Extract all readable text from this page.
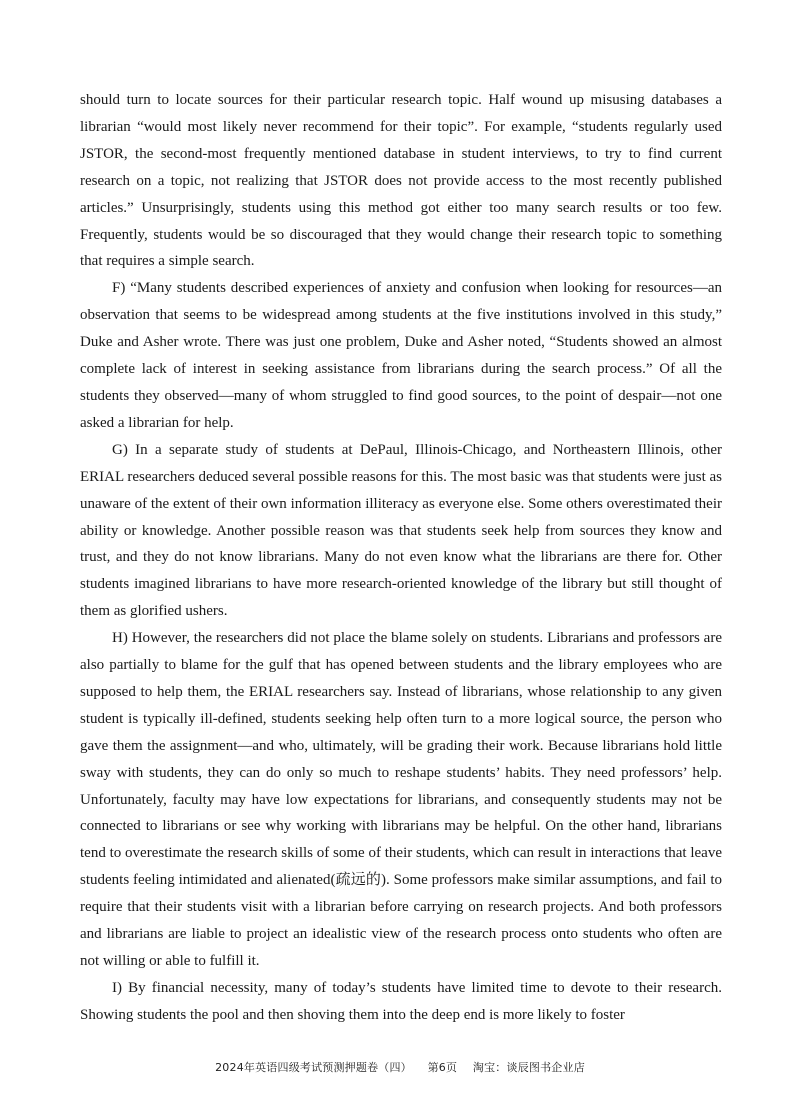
should turn to locate sources for their particular research topic. Half wound up misusing databases a librarian “would most likely never recommend for their topic”. For example, “students regularly used JSTOR, the second-most frequently mentioned database in student interviews, to try to find current research on a topic, not realizing that JSTOR does not provide access to the most recently published articles.” Unsurprisingly, students using this method got either too many search results or too few. Frequently, students would be so discouraged that they would change their research topic to something that requires a simple search.

F) “Many students described experiences of anxiety and confusion when looking for resources—an observation that seems to be widespread among students at the five institutions involved in this study,” Duke and Asher wrote. There was just one problem, Duke and Asher noted, “Students showed an almost complete lack of interest in seeking assistance from librarians during the search process.” Of all the students they observed—many of whom struggled to find good sources, to the point of despair—not one asked a librarian for help.

G) In a separate study of students at DePaul, Illinois-Chicago, and Northeastern Illinois, other ERIAL researchers deduced several possible reasons for this. The most basic was that students were just as unaware of the extent of their own information illiteracy as everyone else. Some others overestimated their ability or knowledge. Another possible reason was that students seek help from sources they know and trust, and they do not know librarians. Many do not even know what the librarians are there for. Other students imagined librarians to have more research-oriented knowledge of the library but still thought of them as glorified ushers.

H) However, the researchers did not place the blame solely on students. Librarians and professors are also partially to blame for the gulf that has opened between students and the library employees who are supposed to help them, the ERIAL researchers say. Instead of librarians, whose relationship to any given student is typically ill-defined, students seeking help often turn to a more logical source, the person who gave them the assignment—and who, ultimately, will be grading their work. Because librarians hold little sway with students, they can do only so much to reshape students’ habits. They need professors’ help. Unfortunately, faculty may have low expectations for librarians, and consequently students may not be connected to librarians or see why working with librarians may be helpful. On the other hand, librarians tend to overestimate the research skills of some of their students, which can result in interactions that leave students feeling intimidated and alienated(疏远的). Some professors make similar assumptions, and fail to require that their students visit with a librarian before carrying on research projects. And both professors and librarians are liable to project an idealistic view of the research process onto students who often are not willing or able to fulfill it.

I) By financial necessity, many of today’s students have limited time to devote to their research. Showing students the pool and then shoving them into the deep end is more likely to foster

2024年英语四级考试预测押题卷（四） 第6页 淘宝：谈辰图书企业店
